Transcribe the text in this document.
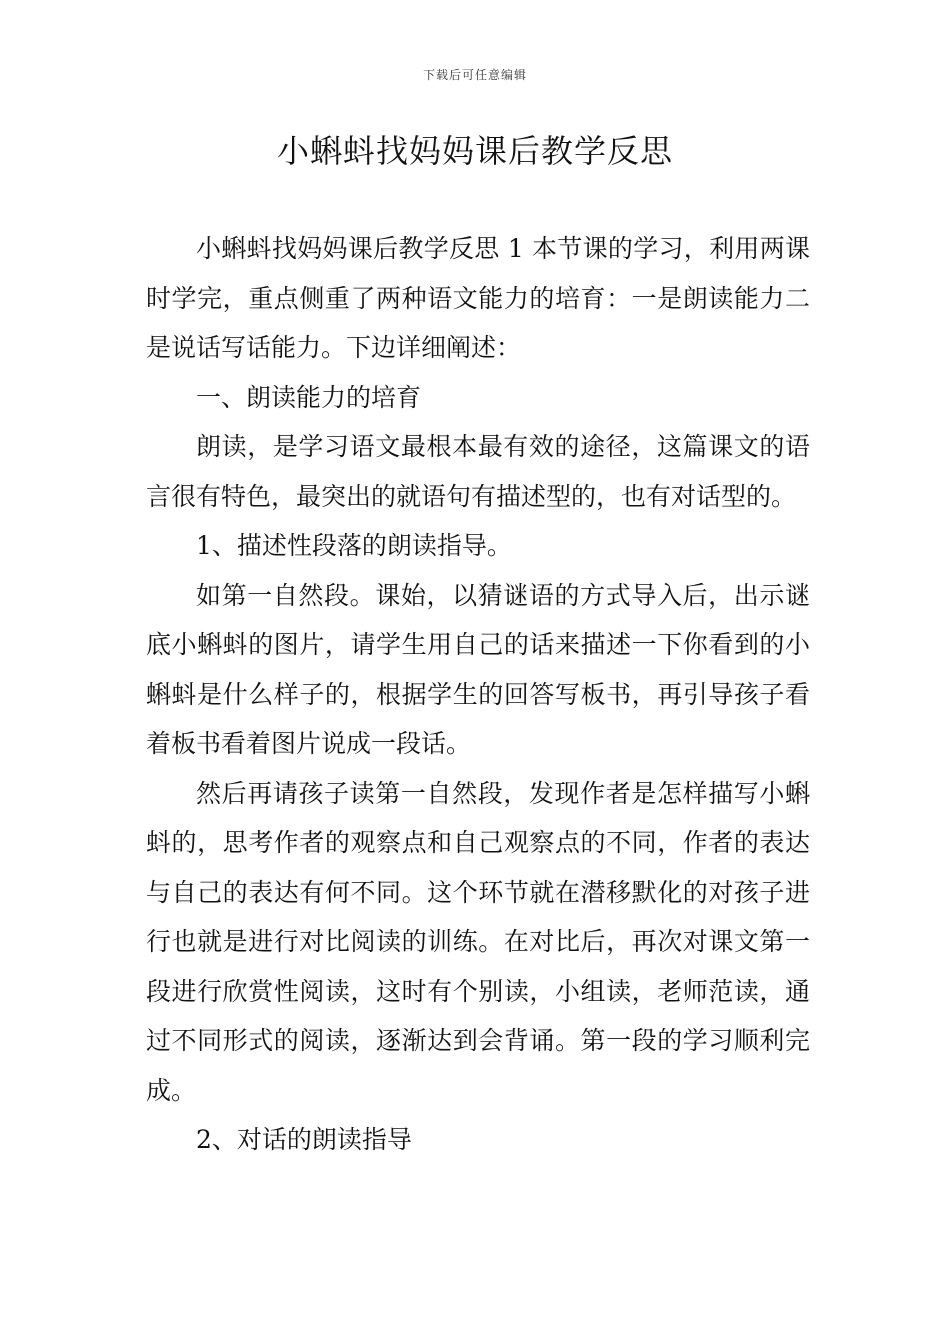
下载后可任意编辑
小蝌蚪找妈妈课后教学反思

小蝌蚪找妈妈课后教学反思 1 本节课的学习，利用两课时学完，重点侧重了两种语文能力的培育：一是朗读能力二是说话写话能力。下边详细阐述：

一、朗读能力的培育

朗读，是学习语文最根本最有效的途径，这篇课文的语言很有特色，最突出的就语句有描述型的，也有对话型的。

1、描述性段落的朗读指导。

如第一自然段。课始，以猜谜语的方式导入后，出示谜底小蝌蚪的图片，请学生用自己的话来描述一下你看到的小蝌蚪是什么样子的，根据学生的回答写板书，再引导孩子看着板书看着图片说成一段话。

然后再请孩子读第一自然段，发现作者是怎样描写小蝌蚪的，思考作者的观察点和自己观察点的不同，作者的表达与自己的表达有何不同。这个环节就在潜移默化的对孩子进行也就是进行对比阅读的训练。在对比后，再次对课文第一段进行欣赏性阅读，这时有个别读，小组读，老师范读，通过不同形式的阅读，逐渐达到会背诵。第一段的学习顺利完成。

2、对话的朗读指导
